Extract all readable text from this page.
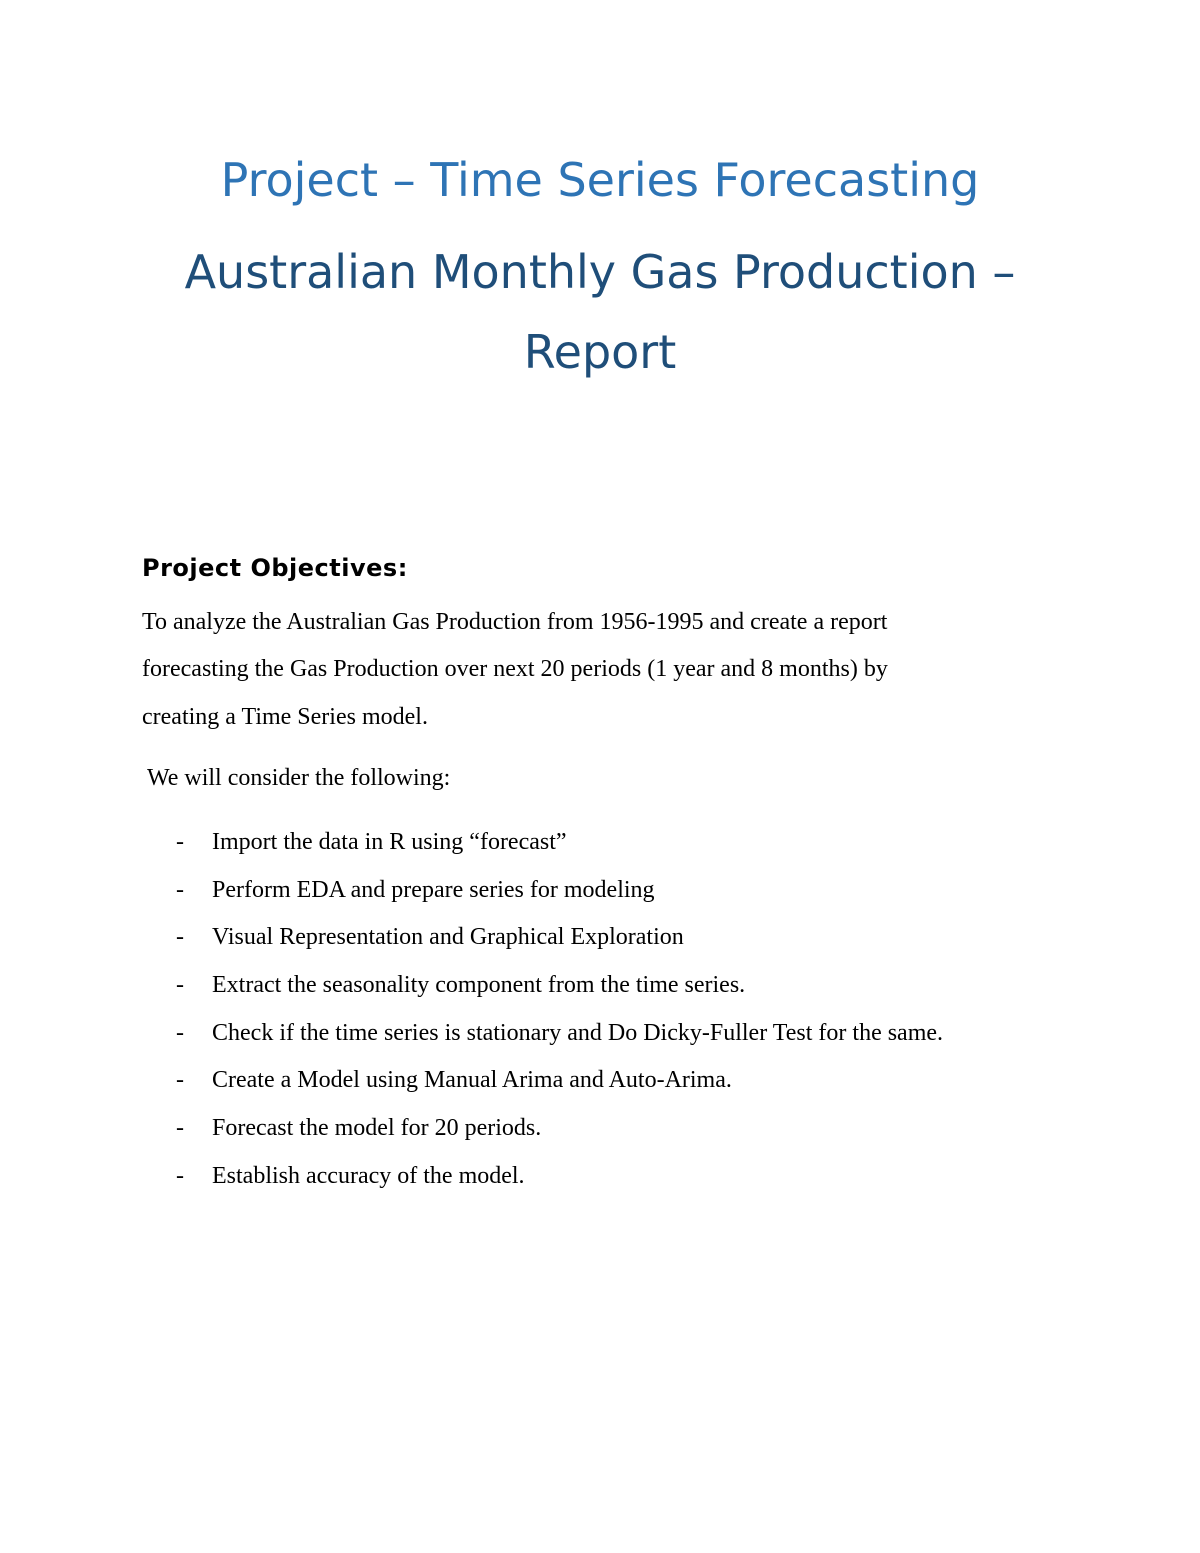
Project – Time Series Forecasting
Australian Monthly Gas Production –
Report
Project Objectives:

To analyze the Australian Gas Production from 1956-1995 and create a report

forecasting the Gas Production over next 20 periods (1 year and 8 months) by

creating a Time Series model.

We will consider the following:

- Import the data in R using “forecast”
- Perform EDA and prepare series for modeling
- Visual Representation and Graphical Exploration
- Extract the seasonality component from the time series.
- Check if the time series is stationary and Do Dicky-Fuller Test for the same.
- Create a Model using Manual Arima and Auto-Arima.
- Forecast the model for 20 periods.
- Establish accuracy of the model.
